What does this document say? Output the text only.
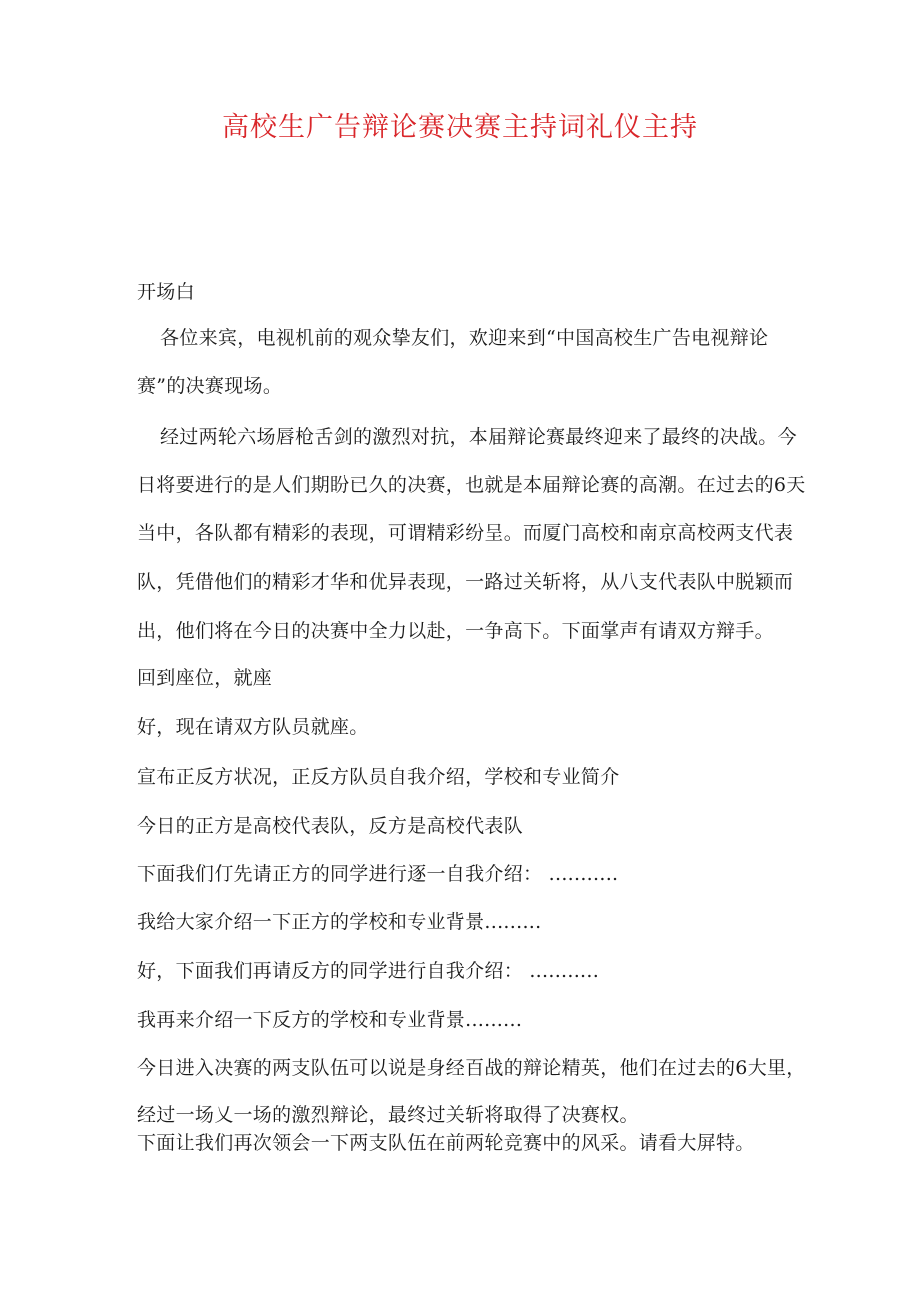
高校生广告辩论赛决赛主持词礼仪主持
开场白
各位来宾，电视机前的观众挚友们，欢迎来到“中国高校生广告电视辩论
赛”的决赛现场。
经过两轮六场唇枪舌剑的激烈对抗，本届辩论赛最终迎来了最终的决战。今
日将要进行的是人们期盼已久的决赛，也就是本届辩论赛的高潮。在过去的6天
当中，各队都有精彩的表现，可谓精彩纷呈。而厦门高校和南京高校两支代表
队，凭借他们的精彩才华和优异表现，一路过关斩将，从八支代表队中脱颖而
出，他们将在今日的决赛中全力以赴，一争高下。下面掌声有请双方辩手。
回到座位，就座
好，现在请双方队员就座。
宣布正反方状况，正反方队员自我介绍，学校和专业简介
今日的正方是高校代表队，反方是高校代表队
下面我们仃先请正方的同学进行逐一自我介绍： ...........
我给大家介绍一下正方的学校和专业背景.........
好，下面我们再请反方的同学进行自我介绍： ...........
我再来介绍一下反方的学校和专业背景.........
今日进入决赛的两支队伍可以说是身经百战的辩论精英，他们在过去的6大里，
经过一场乂一场的激烈辩论，最终过关斩将取得了决赛权。
下面让我们再次领会一下两支队伍在前两轮竞赛中的风采。请看大屏特。
